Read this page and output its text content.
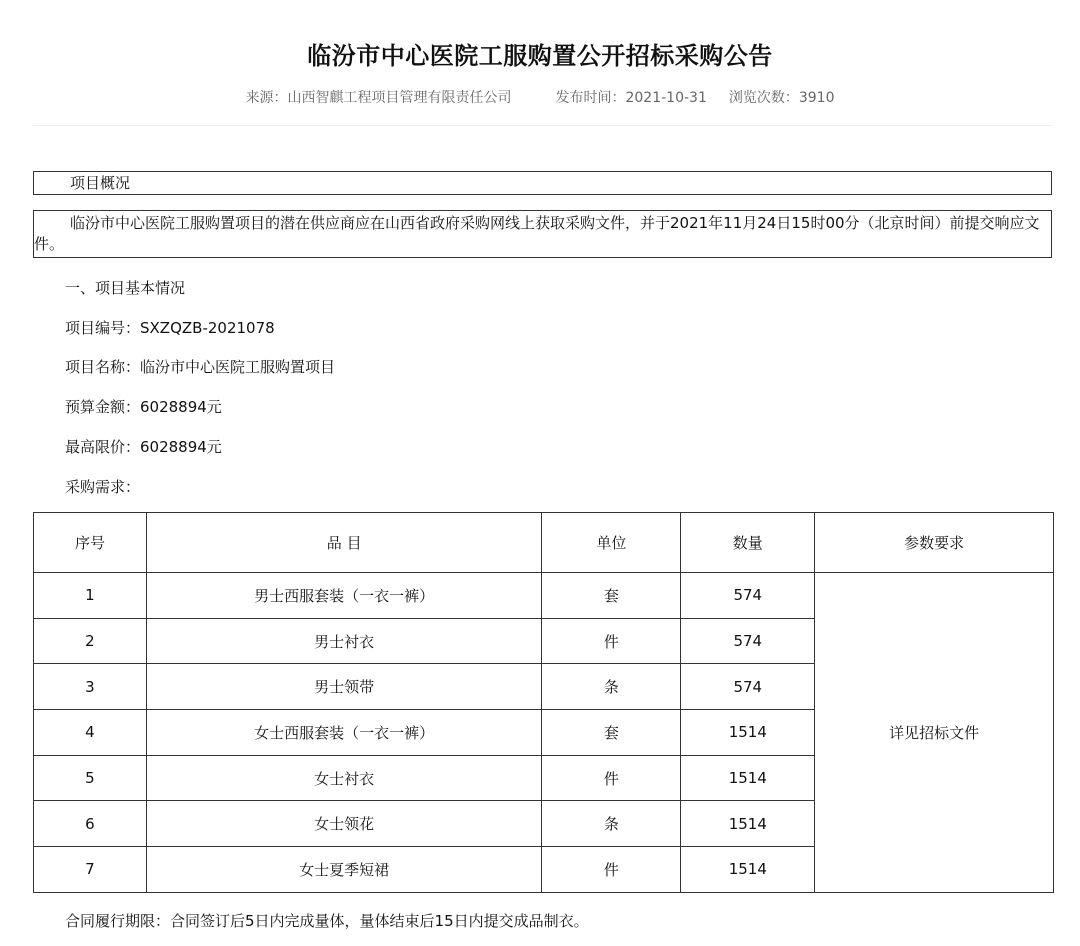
临汾市中心医院工服购置公开招标采购公告
来源：山西智麒工程项目管理有限责任公司	发布时间：2021-10-31 浏览次数：3910
项目概况
临汾市中心医院工服购置项目的潜在供应商应在山西省政府采购网线上获取采购文件，并于2021年11月24日15时00分（北京时间）前提交响应文件。
一、项目基本情况
项目编号：SXZQZB-2021078
项目名称：临汾市中心医院工服购置项目
预算金额：6028894元
最高限价：6028894元
采购需求：
序号	品 目	单位	数量	参数要求
1	男士西服套装（一衣一裤）	套	574	详见招标文件
2	男士衬衣	件	574	
3	男士领带	条	574	
4	女士西服套装（一衣一裤）	套	1514	
5	女士衬衣	件	1514	
6	女士领花	条	1514	
7	女士夏季短裙	件	1514	
合同履行期限：合同签订后5日内完成量体，量体结束后15日内提交成品制衣。
